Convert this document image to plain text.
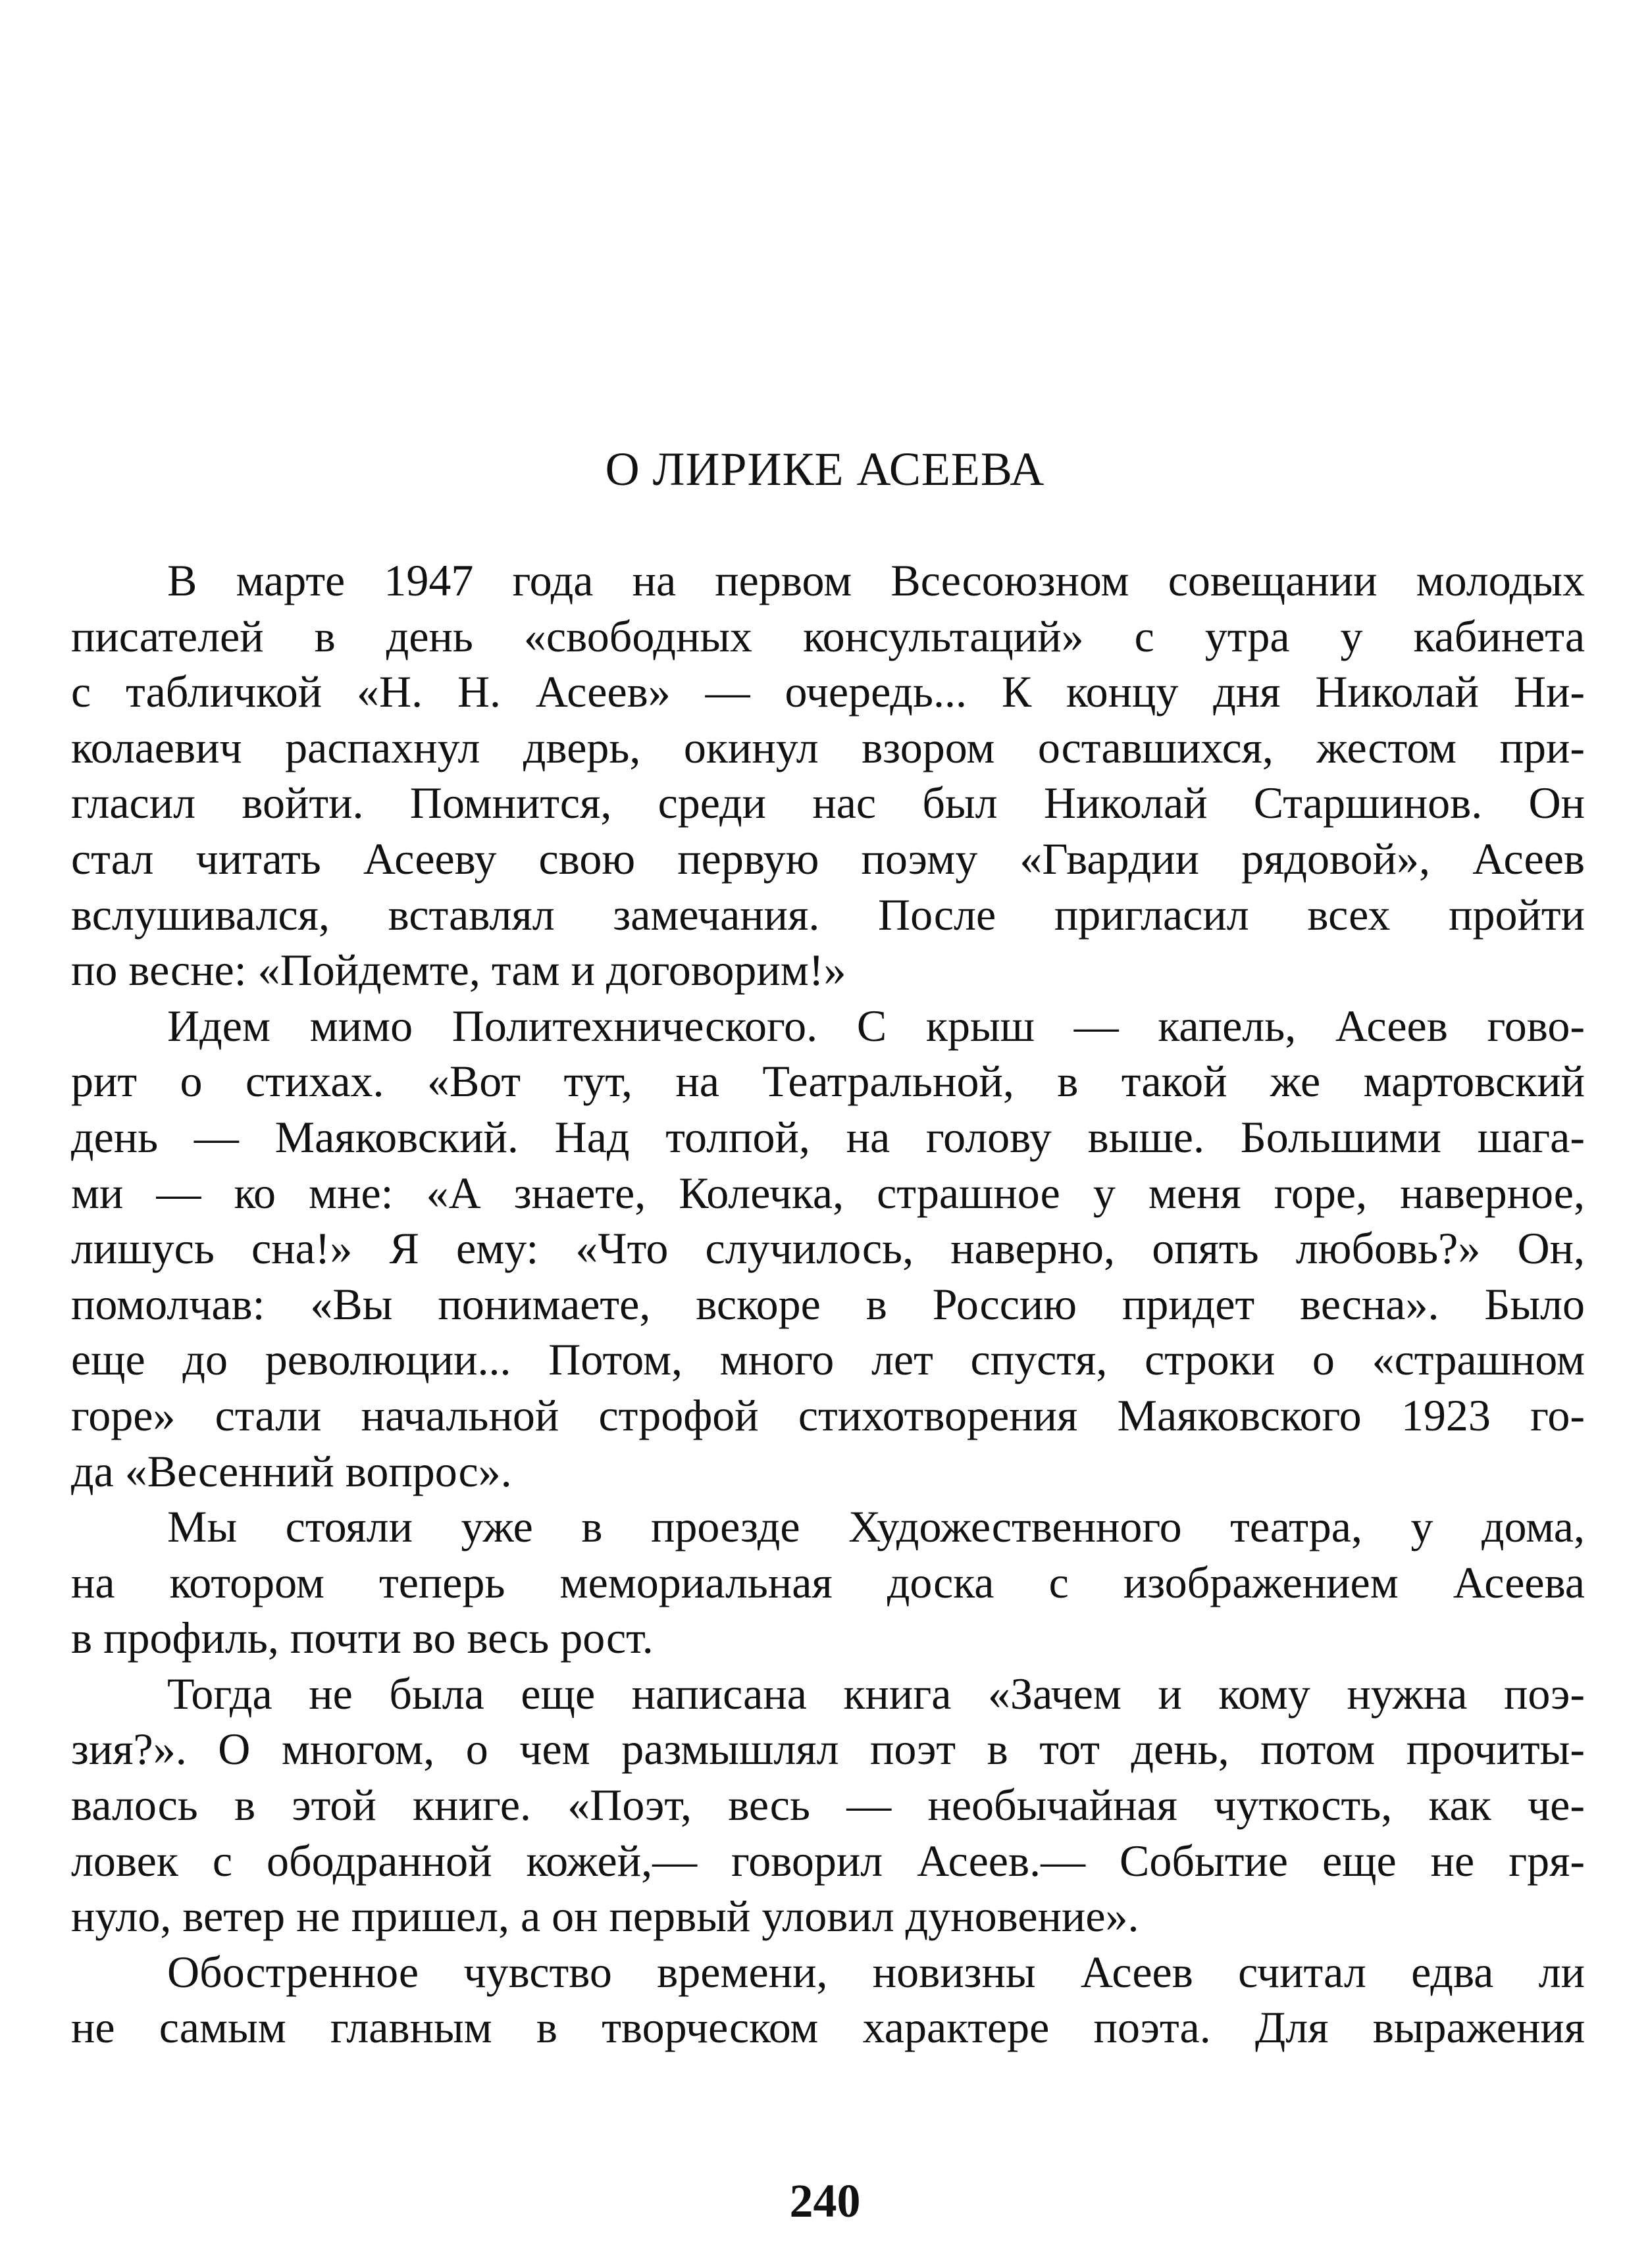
О ЛИРИКЕ АСЕЕВА
В марте 1947 года на первом Всесоюзном совещании молодых
писателей в день «свободных консультаций» с утра у кабинета
с табличкой «Н. Н. Асеев» — очередь... К концу дня Николай Ни-
колаевич распахнул дверь, окинул взором оставшихся, жестом при-
гласил войти. Помнится, среди нас был Николай Старшинов. Он
стал читать Асееву свою первую поэму «Гвардии рядовой», Асеев
вслушивался, вставлял замечания. После пригласил всех пройти
по весне: «Пойдемте, там и договорим!»
Идем мимо Политехнического. С крыш — капель, Асеев гово-
рит о стихах. «Вот тут, на Театральной, в такой же мартовский
день — Маяковский. Над толпой, на голову выше. Большими шага-
ми — ко мне: «А знаете, Колечка, страшное у меня горе, наверное,
лишусь сна!» Я ему: «Что случилось, наверно, опять любовь?» Он,
помолчав: «Вы понимаете, вскоре в Россию придет весна». Было
еще до революции... Потом, много лет спустя, строки о «страшном
горе» стали начальной строфой стихотворения Маяковского 1923 го-
да «Весенний вопрос».
Мы стояли уже в проезде Художественного театра, у дома,
на котором теперь мемориальная доска с изображением Асеева
в профиль, почти во весь рост.
Тогда не была еще написана книга «Зачем и кому нужна поэ-
зия?». О многом, о чем размышлял поэт в тот день, потом прочиты-
валось в этой книге. «Поэт, весь — необычайная чуткость, как че-
ловек с ободранной кожей,— говорил Асеев.— Событие еще не гря-
нуло, ветер не пришел, а он первый уловил дуновение».
Обостренное чувство времени, новизны Асеев считал едва ли
не самым главным в творческом характере поэта. Для выражения
240
